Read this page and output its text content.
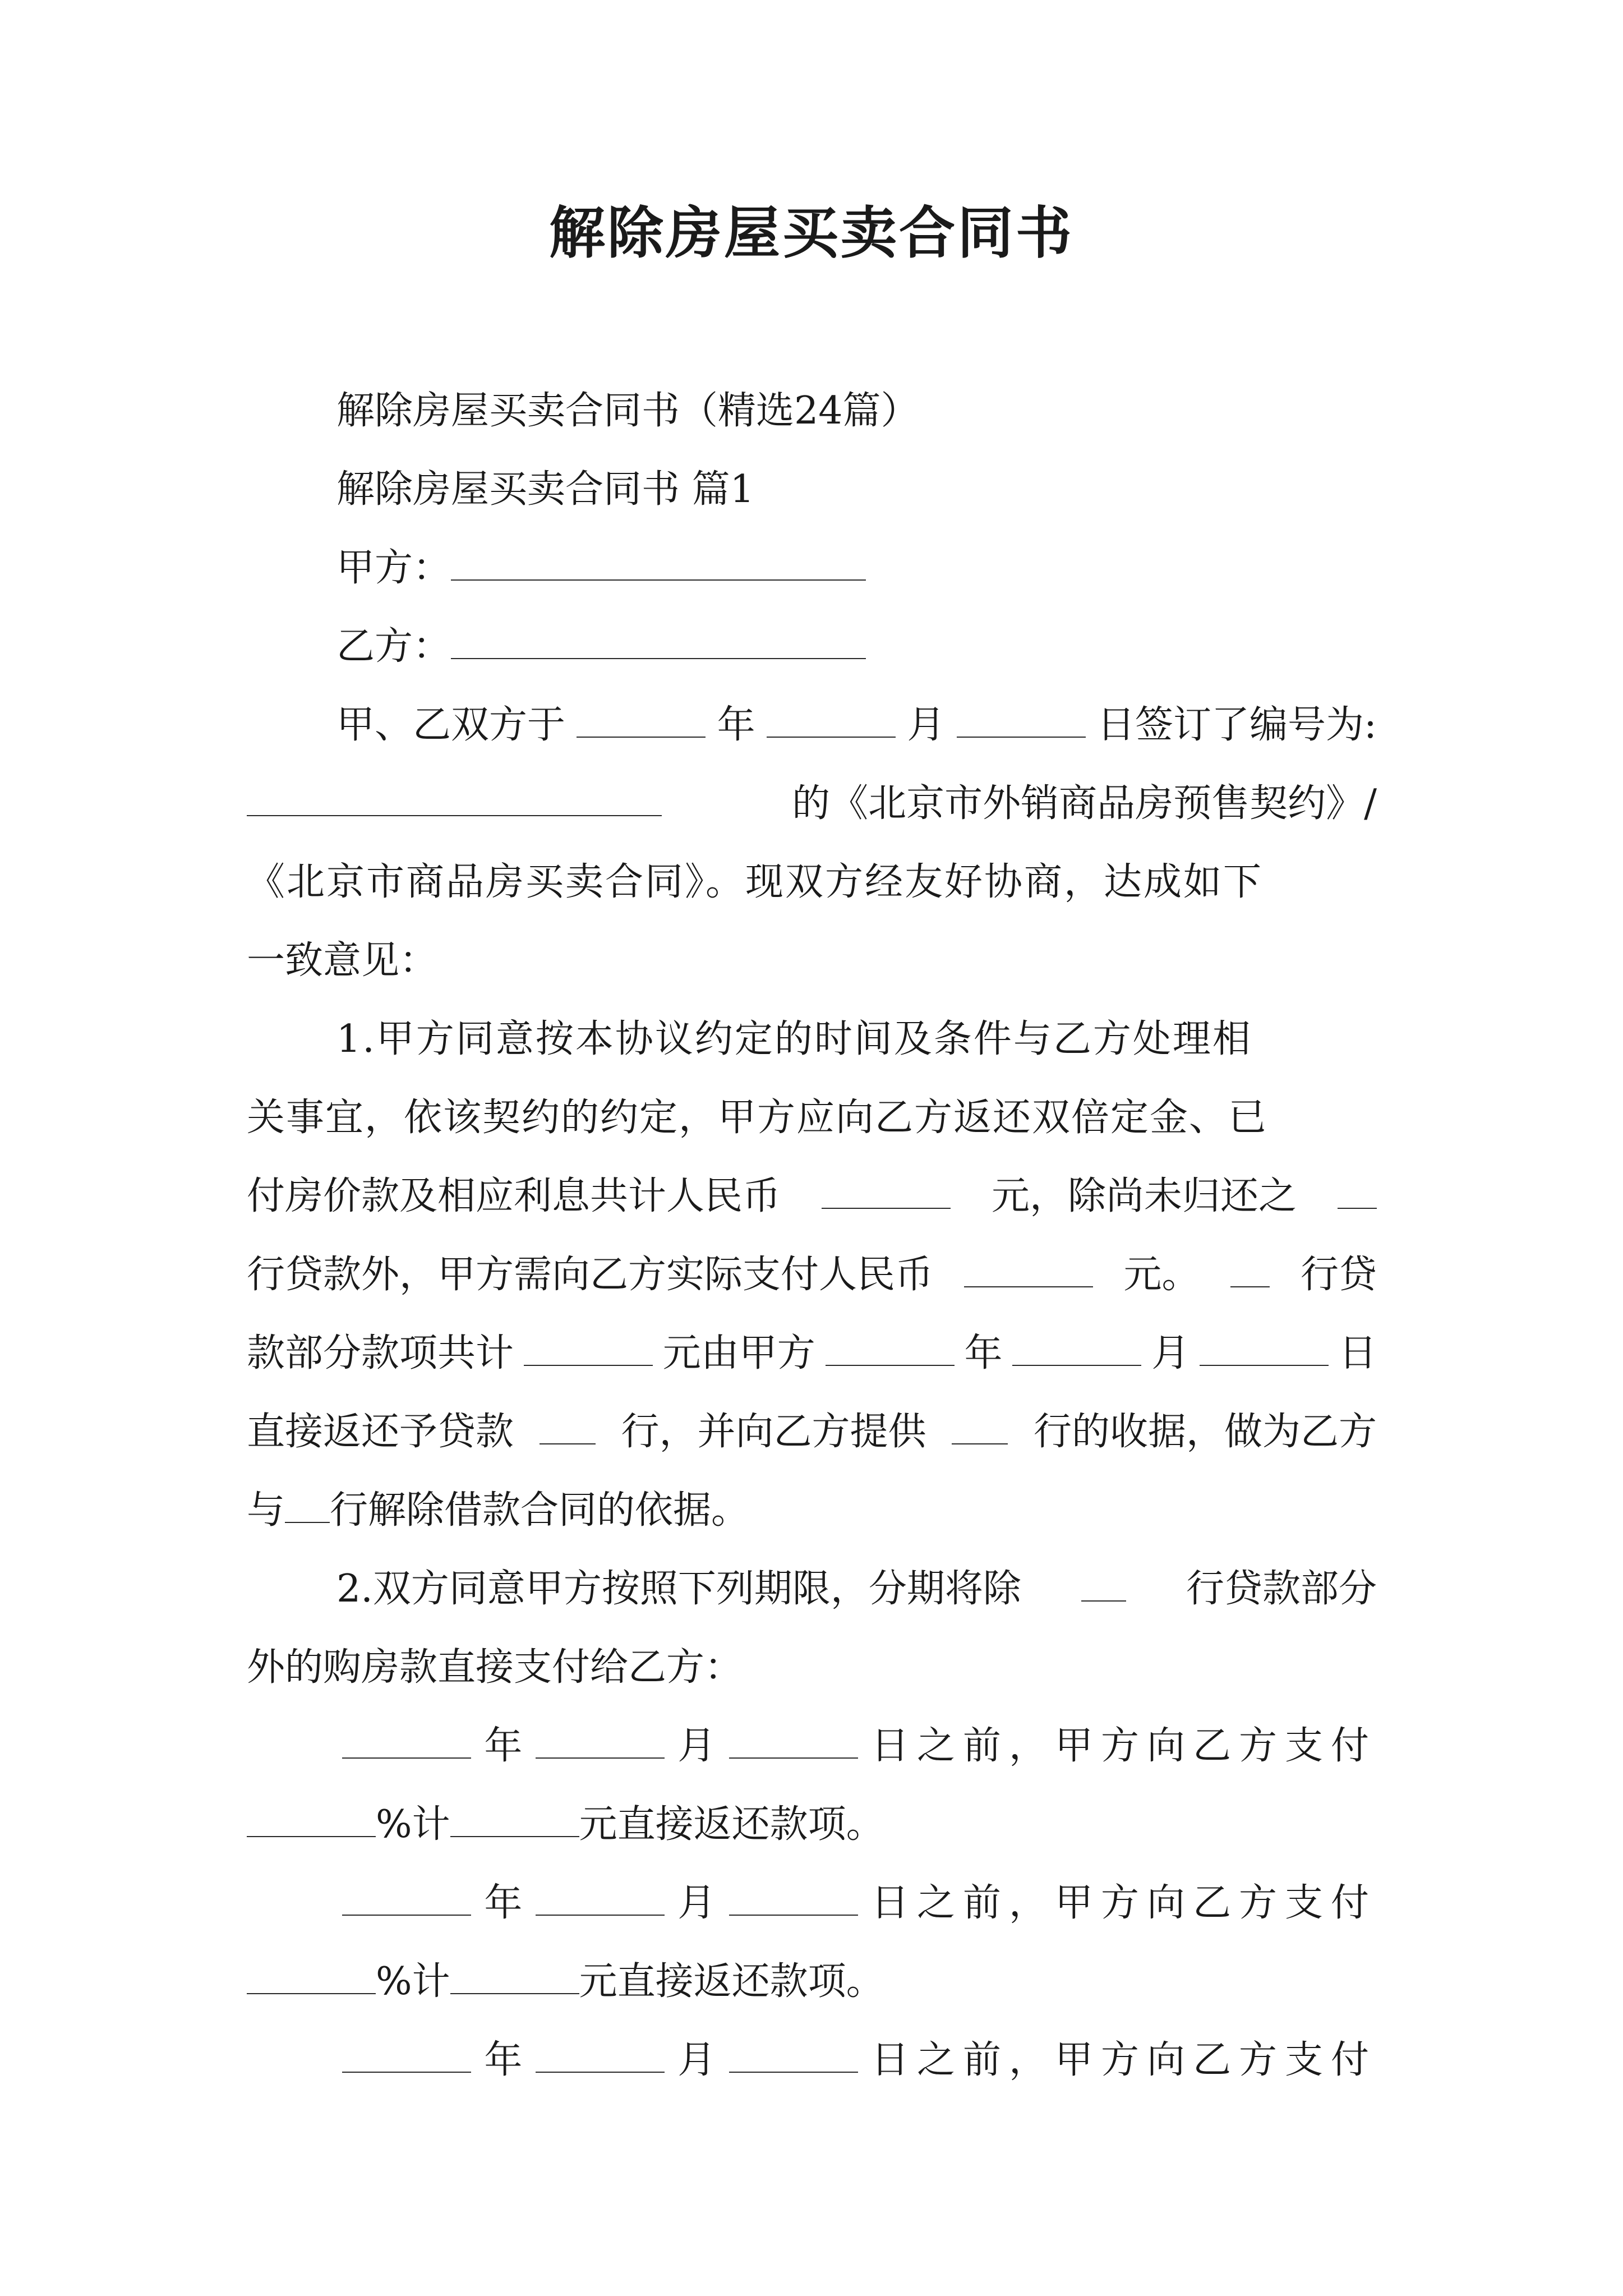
解除房屋买卖合同书
解除房屋买卖合同书（精选24篇）
解除房屋买卖合同书 篇1
甲方：
乙方：
甲、乙双方于	年	月	日签订了编号为:
的《北京市外销商品房预售契约》/
《北京市商品房买卖合同》。现双方经友好协商，达成如下
一致意见：
1.甲方同意按本协议约定的时间及条件与乙方处理相
关事宜，依该契约的约定，甲方应向乙方返还双倍定金、已
付房价款及相应利息共计人民币	元，除尚未归还之
行贷款外，甲方需向乙方实际支付人民币	元。	行贷
款部分款项共计	元由甲方	年	月	日
直接返还予贷款	行，并向乙方提供	行的收据，做为乙方
与 行解除借款合同的依据。
2.双方同意甲方按照下列期限，分期将除	行贷款部分
外的购房款直接支付给乙方：
年	月	日之前，甲方向乙方支付
%计	元直接返还款项。
年	月	日之前，甲方向乙方支付
%计	元直接返还款项。
年	月	日之前，甲方向乙方支付
